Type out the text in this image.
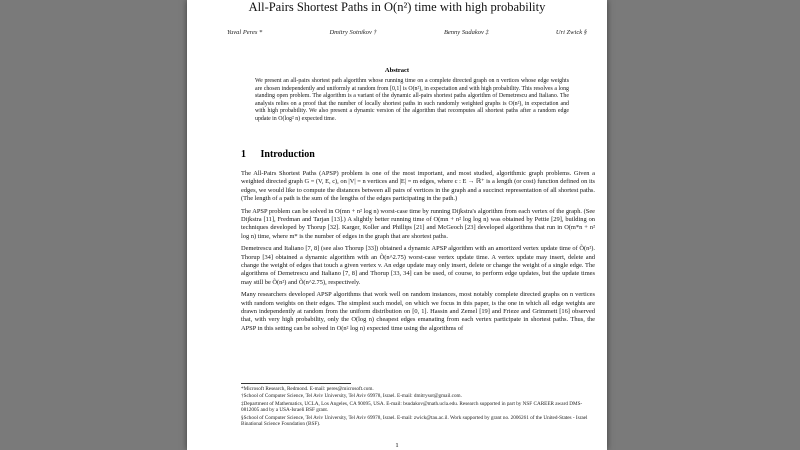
All-Pairs Shortest Paths in O(n²) time with high probability
Yuval Peres *	Dmitry Sotnikov †	Benny Sudakov ‡	Uri Zwick §
Abstract
We present an all-pairs shortest path algorithm whose running time on a complete directed graph on n vertices whose edge weights are chosen independently and uniformly at random from [0,1] is O(n²), in expectation and with high probability. This resolves a long standing open problem. The algorithm is a variant of the dynamic all-pairs shortest paths algorithm of Demetrescu and Italiano. The analysis relies on a proof that the number of locally shortest paths in such randomly weighted graphs is O(n²), in expectation and with high probability. We also present a dynamic version of the algorithm that recomputes all shortest paths after a random edge update in O(log² n) expected time.
1 Introduction

The All-Pairs Shortest Paths (APSP) problem is one of the most important, and most studied, algorithmic graph problems. Given a weighted directed graph G = (V, E, c), on |V| = n vertices and |E| = m edges, where c : E → ℝ⁺ is a length (or cost) function defined on its edges, we would like to compute the distances between all pairs of vertices in the graph and a succinct representation of all shortest paths. (The length of a path is the sum of the lengths of the edges participating in the path.)

The APSP problem can be solved in O(mn + n² log n) worst-case time by running Dijkstra's algorithm from each vertex of the graph. (See Dijkstra [11], Fredman and Tarjan [13].) A slightly better running time of O(mn + n² log log n) was obtained by Pettie [29], building on techniques developed by Thorup [32]. Karger, Koller and Phillips [21] and McGeoch [23] developed algorithms that run in O(m*n + n² log n) time, where m* is the number of edges in the graph that are shortest paths.

Demetrescu and Italiano [7, 8] (see also Thorup [33]) obtained a dynamic APSP algorithm with an amortized vertex update time of Õ(n²). Thorup [34] obtained a dynamic algorithm with an Õ(n^2.75) worst-case vertex update time. A vertex update may insert, delete and change the weight of edges that touch a given vertex v. An edge update may only insert, delete or change the weight of a single edge. The algorithms of Demetrescu and Italiano [7, 8] and Thorup [33, 34] can be used, of course, to perform edge updates, but the update times may still be Õ(n²) and Õ(n^2.75), respectively.

Many researchers developed APSP algorithms that work well on random instances, most notably complete directed graphs on n vertices with random weights on their edges. The simplest such model, on which we focus in this paper, is the one in which all edge weights are drawn independently at random from the uniform distribution on [0, 1]. Hassin and Zemel [19] and Frieze and Grimmett [16] observed that, with very high probability, only the O(log n) cheapest edges emanating from each vertex participate in shortest paths. Thus, the APSP in this setting can be solved in O(n² log n) expected time using the algorithms of

*Microsoft Research, Redmond. E-mail: peres@microsoft.com.
†School of Computer Science, Tel Aviv University, Tel Aviv 69978, Israel. E-mail: dmitrysot@gmail.com.
‡Department of Mathematics, UCLA, Los Angeles, CA 90095, USA. E-mail: bsudakov@math.ucla.edu. Research supported in part by NSF CAREER award DMS-0812005 and by a USA-Israeli BSF grant.
§School of Computer Science, Tel Aviv University, Tel Aviv 69978, Israel. E-mail: zwick@tau.ac.il. Work supported by grant no. 2006261 of the United-States - Israel Binational Science Foundation (BSF).
1
